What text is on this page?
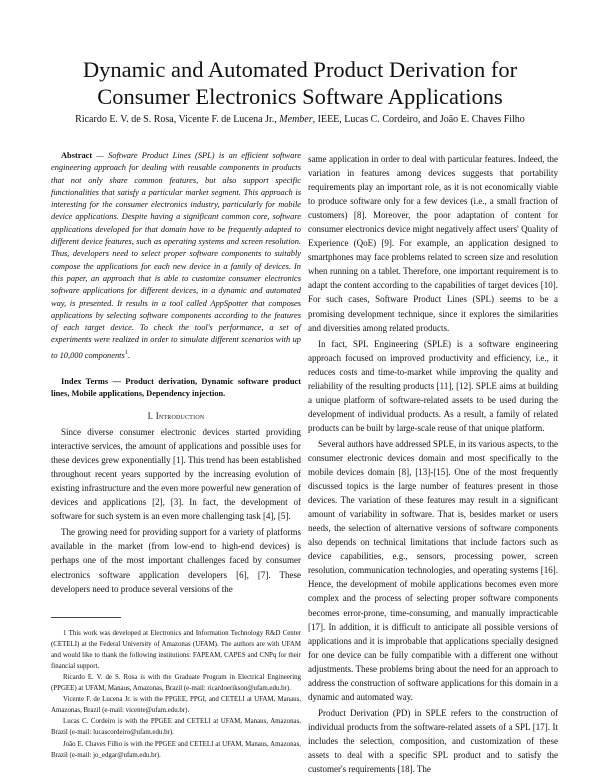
Dynamic and Automated Product Derivation for
Consumer Electronics Software Applications
Ricardo E. V. de S. Rosa, Vicente F. de Lucena Jr., Member, IEEE, Lucas C. Cordeiro, and João E. Chaves Filho

Abstract — Software Product Lines (SPL) is an efficient software engineering approach for dealing with reusable components in products that not only share common features, but also support specific functionalities that satisfy a particular market segment. This approach is interesting for the consumer electronics industry, particularly for mobile device applications. Despite having a significant common core, software applications developed for that domain have to be frequently adapted to different device features, such as operating systems and screen resolution. Thus, developers need to select proper software components to suitably compose the applications for each new device in a family of devices. In this paper, an approach that is able to customize consumer electronics software applications for different devices, in a dynamic and automated way, is presented. It results in a tool called AppSpotter that composes applications by selecting software components according to the features of each target device. To check the tool's performance, a set of experiments were realized in order to simulate different scenarios with up to 10,000 components$^1$.

Index Terms — Product derivation, Dynamic software product lines, Mobile applications, Dependency injection.

I. Introduction

Since diverse consumer electronic devices started providing interactive services, the amount of applications and possible uses for these devices grew exponentially [1]. This trend has been established throughout recent years supported by the increasing evolution of existing infrastructure and the even more powerful new generation of devices and applications [2], [3]. In fact, the development of software for such system is an even more challenging task [4], [5].

The growing need for providing support for a variety of platforms available in the market (from low-end to high-end devices) is perhaps one of the most important challenges faced by consumer electronics software application developers [6], [7]. These developers need to produce several versions of the

1 This work was developed at Electronics and Information Technology R&D Center (CETELI) at the Federal University of Amazonas (UFAM). The authors are with UFAM and would like to thank the following institutions: FAPEAM, CAPES and CNPq for their financial support.

Ricardo E. V. de S. Rosa is with the Graduate Program in Electrical Engineering (PPGEE) at UFAM, Manaus, Amazonas, Brazil (e-mail: ricardoerikson@ufam.edu.br).

Vicente F. de Lucena Jr. is with the PPGEE, PPGI, and CETELI at UFAM, Manaus, Amazonas, Brazil (e-mail: vicente@ufam.edu.br).

Lucas C. Cordeiro is with the PPGEE and CETELI at UFAM, Manaus, Amazonas, Brazil (e-mail: lucascordeiro@ufam.edu.br).

João E. Chaves Filho is with the PPGEE and CETELI at UFAM, Manaus, Amazonas, Brazil (e-mail: jo_edgar@ufam.edu.br).

same application in order to deal with particular features. Indeed, the variation in features among devices suggests that portability requirements play an important role, as it is not economically viable to produce software only for a few devices (i.e., a small fraction of customers) [8]. Moreover, the poor adaptation of content for consumer electronics device might negatively affect users' Quality of Experience (QoE) [9]. For example, an application designed to smartphones may face problems related to screen size and resolution when running on a tablet. Therefore, one important requirement is to adapt the content according to the capabilities of target devices [10]. For such cases, Software Product Lines (SPL) seems to be a promising development technique, since it explores the similarities and diversities among related products.

In fact, SPL Engineering (SPLE) is a software engineering approach focused on improved productivity and efficiency, i.e., it reduces costs and time-to-market while improving the quality and reliability of the resulting products [11], [12]. SPLE aims at building a unique platform of software-related assets to be used during the development of individual products. As a result, a family of related products can be built by large-scale reuse of that unique platform.

Several authors have addressed SPLE, in its various aspects, to the consumer electronic devices domain and most specifically to the mobile devices domain [8], [13]-[15]. One of the most frequently discussed topics is the large number of features present in those devices. The variation of these features may result in a significant amount of variability in software. That is, besides market or users needs, the selection of alternative versions of software components also depends on technical limitations that include factors such as device capabilities, e.g., sensors, processing power, screen resolution, communication technologies, and operating systems [16]. Hence, the development of mobile applications becomes even more complex and the process of selecting proper software components becomes error-prone, time-consuming, and manually impracticable [17]. In addition, it is difficult to anticipate all possible versions of applications and it is improbable that applications specially designed for one device can be fully compatible with a different one without adjustments. These problems bring about the need for an approach to address the construction of software applications for this domain in a dynamic and automated way.

Product Derivation (PD) in SPLE refers to the construction of individual products from the software-related assets of a SPL [17]. It includes the selection, composition, and customization of these assets to deal with a specific SPL product and to satisfy the customer's requirements [18]. The
